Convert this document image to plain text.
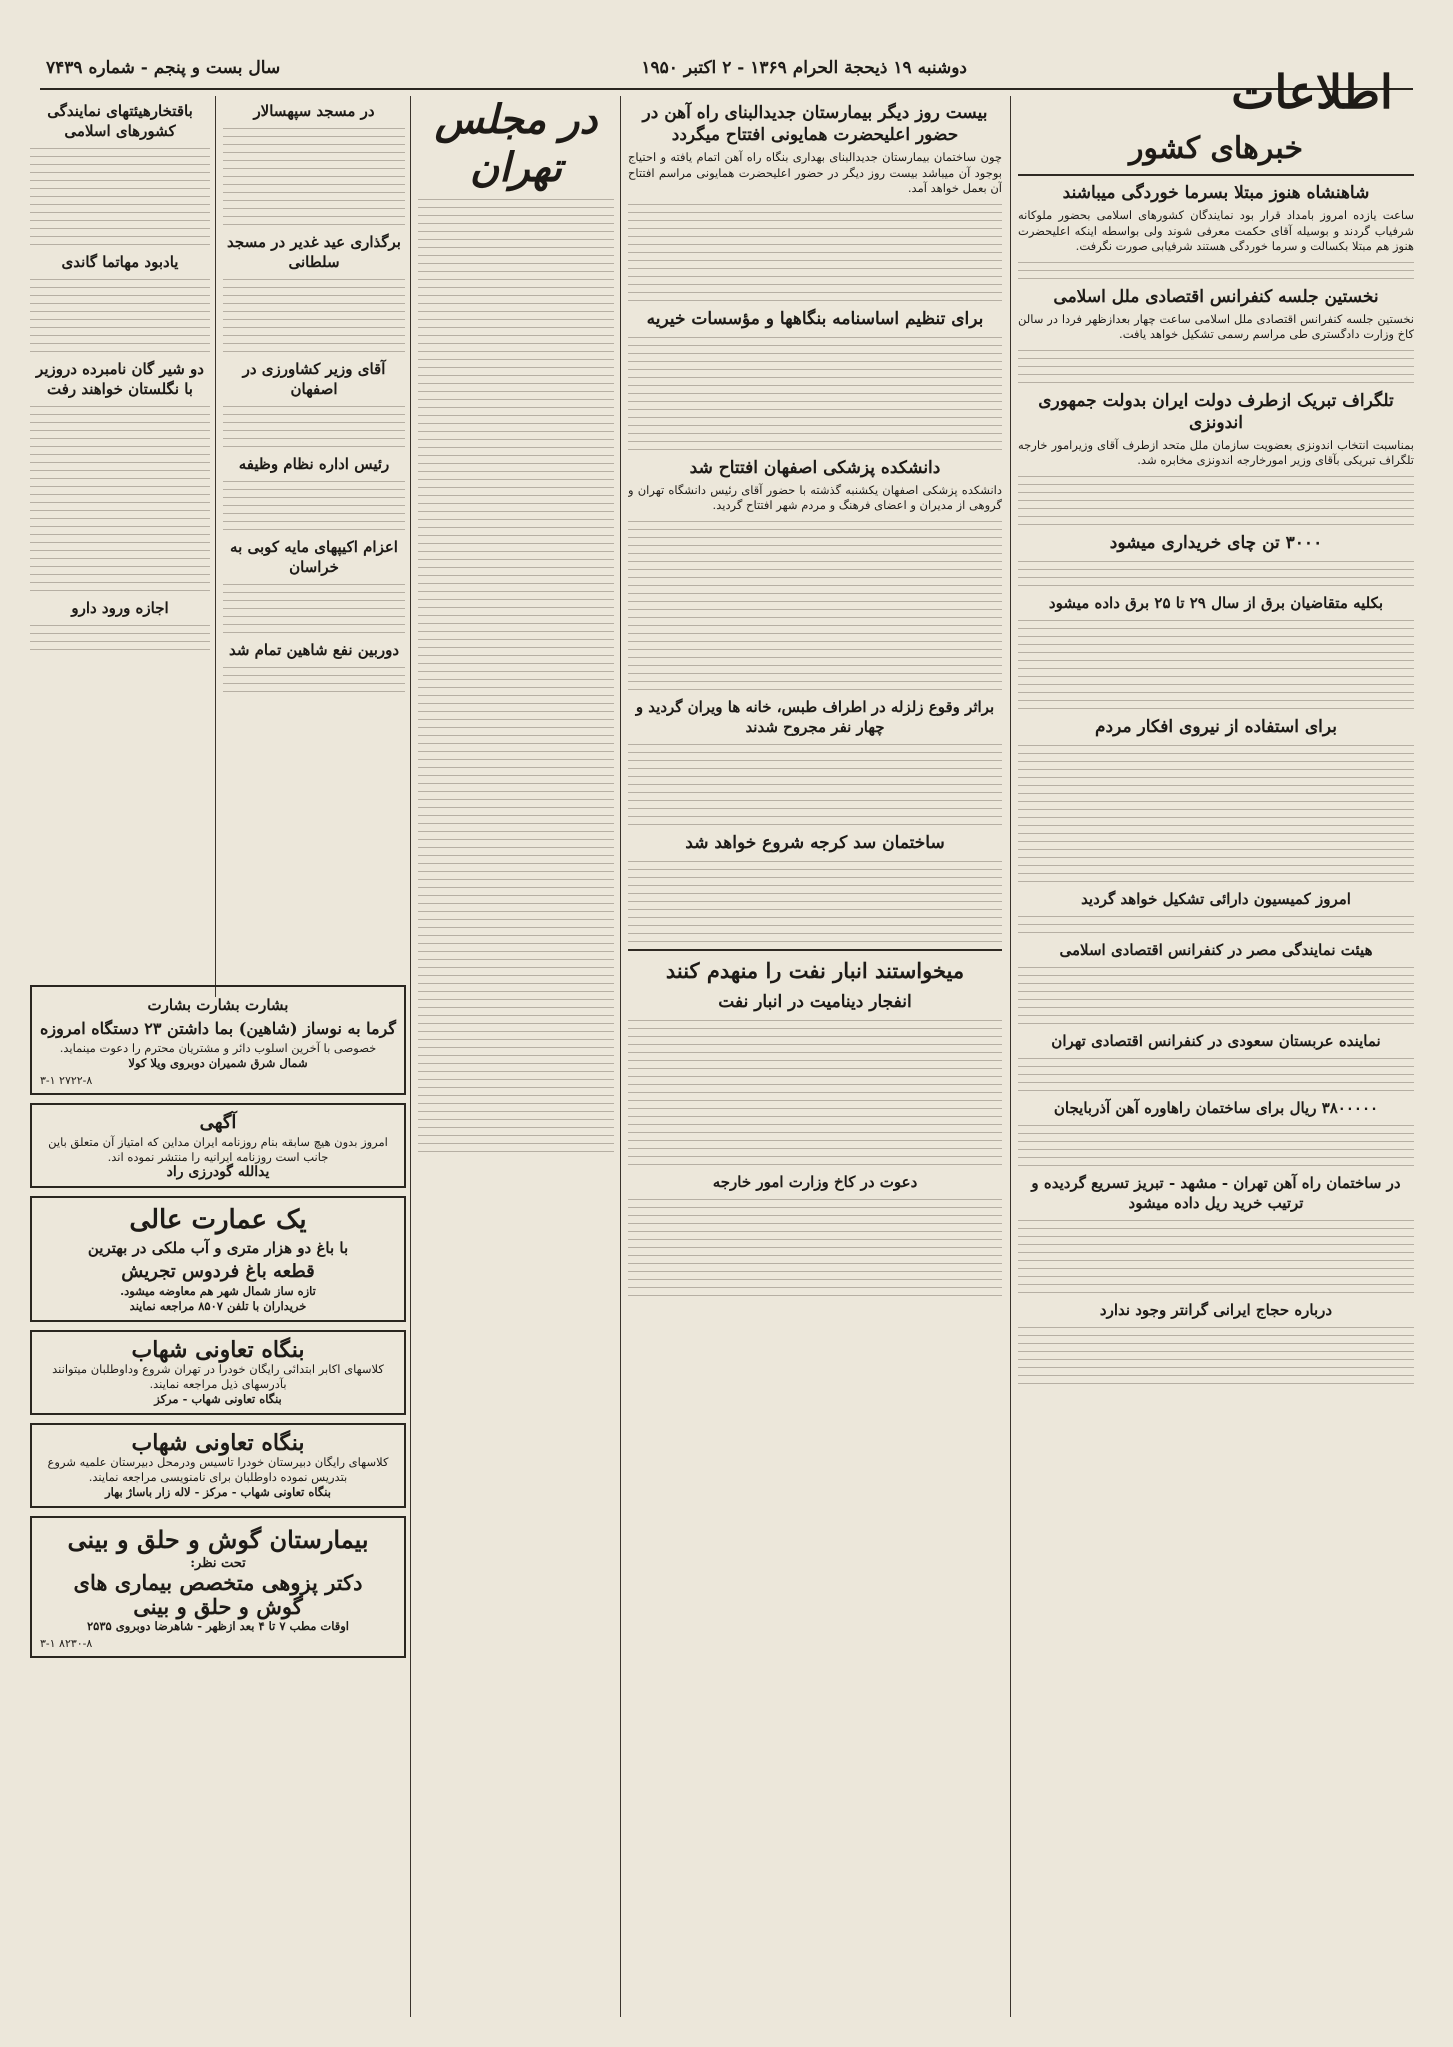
دوشنبه ۱۹ ذیحجة الحرام ۱۳۶۹ - ۲ اکتبر ۱۹۵۰
سال بست و پنجم - شماره ۷۴۳۹	اطلاعات
خبرهای کشور
شاهنشاه هنوز مبتلا بسرما خوردگی میباشند
ساعت یازده امروز بامداد قرار بود نمایندگان کشورهای اسلامی بحضور ملوکانه شرفیاب گردند و بوسیله آقای حکمت معرفی شوند ولی بواسطه اینکه اعلیحضرت هنوز هم مبتلا بکسالت و سرما خوردگی هستند شرفیابی صورت نگرفت.
نخستین جلسه کنفرانس اقتصادی ملل اسلامی
نخستین جلسه کنفرانس اقتصادی ملل اسلامی ساعت چهار بعدازظهر فردا در سالن کاخ وزارت دادگستری طی مراسم رسمی تشکیل خواهد یافت.
تلگراف تبریک ازطرف دولت ایران بدولت جمهوری اندونزی
بمناسبت انتخاب اندونزی بعضویت سازمان ملل متحد ازطرف آقای وزیرامور خارجه تلگراف تبریکی بآقای وزیر امورخارجه اندونزی مخابره شد.
۳۰۰۰ تن چای خریداری میشود
بکلیه متقاضیان برق از سال ۲۹ تا ۲۵ برق داده میشود
برای استفاده از نیروی افکار مردم
امروز کمیسیون دارائی تشکیل خواهد گردید
هیئت نمایندگی مصر در کنفرانس اقتصادی اسلامی
نماینده عربستان سعودی در کنفرانس اقتصادی تهران
۳۸۰۰۰۰۰ ریال برای ساختمان راهاوره آهن آذربایجان
در ساختمان راه آهن تهران - مشهد - تبریز تسریع گردیده و ترتیب خرید ریل داده میشود
درباره حجاج ایرانی گرانتر وجود ندارد
بیست روز دیگر بیمارستان جدیدالبنای راه آهن در حضور اعلیحضرت همایونی افتتاح میگردد
چون ساختمان بیمارستان جدیدالبنای بهداری بنگاه راه آهن اتمام یافته و احتیاج بوجود آن میباشد بیست روز دیگر در حضور اعلیحضرت همایونی مراسم افتتاح آن بعمل خواهد آمد.
برای تنظیم اساسنامه بنگاهها و مؤسسات خیریه
دانشکده پزشکی اصفهان افتتاح شد
دانشکده پزشکی اصفهان یکشنبه گذشته با حضور آقای رئیس دانشگاه تهران و گروهی از مدیران و اعضای فرهنگ و مردم شهر افتتاح گردید.
براثر وقوع زلزله در اطراف طبس، خانه ها ویران گردید و چهار نفر مجروح شدند
ساختمان سد کرجه شروع خواهد شد
میخواستند انبار نفت را منهدم کنند
انفجار دینامیت در انبار نفت
دعوت در کاخ وزارت امور خارجه
در مجلس تهران
در مسجد سپهسالار
برگذاری عید غدیر در مسجد سلطانی
آقای وزیر کشاورزی در اصفهان
رئیس اداره نظام وظیفه
اعزام اکیپهای مایه کوبی به خراسان
دوربین نفع شاهین تمام شد
باقتخارهیئتهای نمایندگی کشورهای اسلامی
یادبود مهاتما گاندی
دو شیر گان نامبرده دروزیر با نگلستان خواهند رفت
اجازه ورود دارو
بشارت بشارت بشارت
گرما به نوساز (شاهین) بما داشتن ۲۳ دستگاه امروزه
خصوصی با آخرین اسلوب دائر و مشتریان محترم را دعوت مینماید.
شمال شرق شمیران دوبروی ویلا کولا
۳-۱ ۲۷۲۲-۸
آگهی
امروز بدون هیچ سابقه بنام روزنامه ایران مداین که امتیاز آن متعلق باین جانب است روزنامه ایرانیه را منتشر نموده اند.
یدالله گودرزی راد
یک عمارت عالی
با باغ دو هزار متری و آب ملکی در بهترین
قطعه باغ فردوس تجریش
تازه ساز شمال شهر هم معاوضه میشود.
خریداران با تلفن ۸۵۰۷ مراجعه نمایند
بنگاه تعاونی شهاب
کلاسهای اکابر ابتدائی رایگان خودرا در تهران شروع وداوطلبان میتوانند بآدرسهای ذیل مراجعه نمایند.
بنگاه تعاونی شهاب - مرکز
بنگاه تعاونی شهاب
کلاسهای رایگان دبیرستان خودرا تاسیس ودرمحل دبیرستان علمیه شروع بتدریس نموده داوطلبان برای نامنویسی مراجعه نمایند.
بنگاه تعاونی شهاب - مرکز - لاله زار باساژ بهار
بیمارستان گوش و حلق و بینی
تحت نظر:
دکتر پزوهی متخصص بیماری های
گوش و حلق و بینی
اوقات مطب ۷ تا ۴ بعد ازظهر - شاهرضا دوبروی ۲۵۳۵
۳-۱ ۸۲۳۰-۸
